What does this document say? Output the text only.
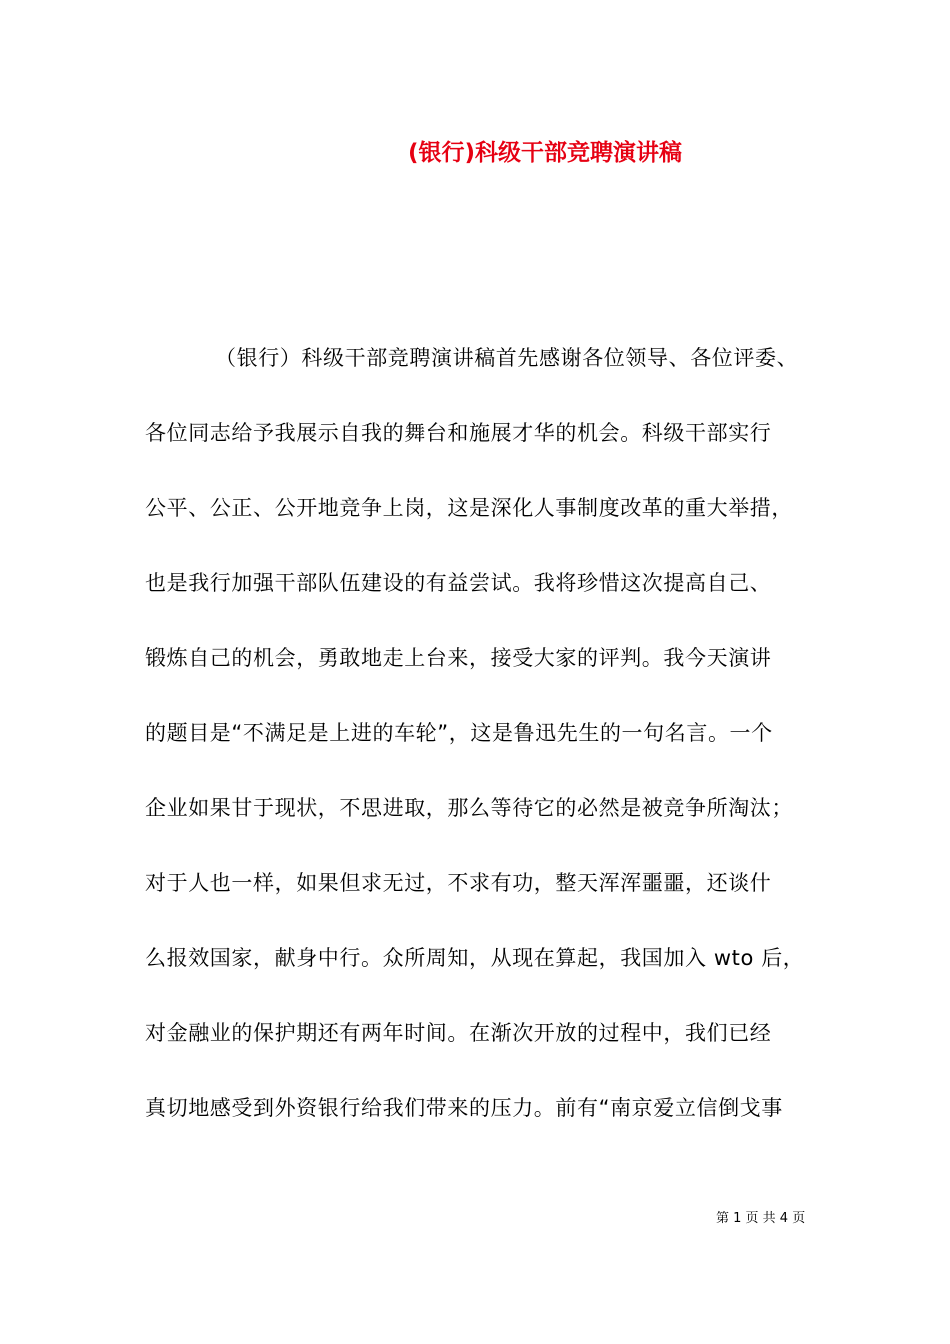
(银行)科级干部竞聘演讲稿
（银行）科级干部竞聘演讲稿首先感谢各位领导、各位评委、
各位同志给予我展示自我的舞台和施展才华的机会。科级干部实行
公平、公正、公开地竞争上岗，这是深化人事制度改革的重大举措，
也是我行加强干部队伍建设的有益尝试。我将珍惜这次提高自己、
锻炼自己的机会，勇敢地走上台来，接受大家的评判。我今天演讲
的题目是“不满足是上进的车轮”，这是鲁迅先生的一句名言。一个
企业如果甘于现状，不思进取，那么等待它的必然是被竞争所淘汰；
对于人也一样，如果但求无过，不求有功，整天浑浑噩噩，还谈什
么报效国家，献身中行。众所周知，从现在算起，我国加入 wto 后，
对金融业的保护期还有两年时间。在渐次开放的过程中，我们已经
真切地感受到外资银行给我们带来的压力。前有“南京爱立信倒戈事
第 1 页 共 4 页
